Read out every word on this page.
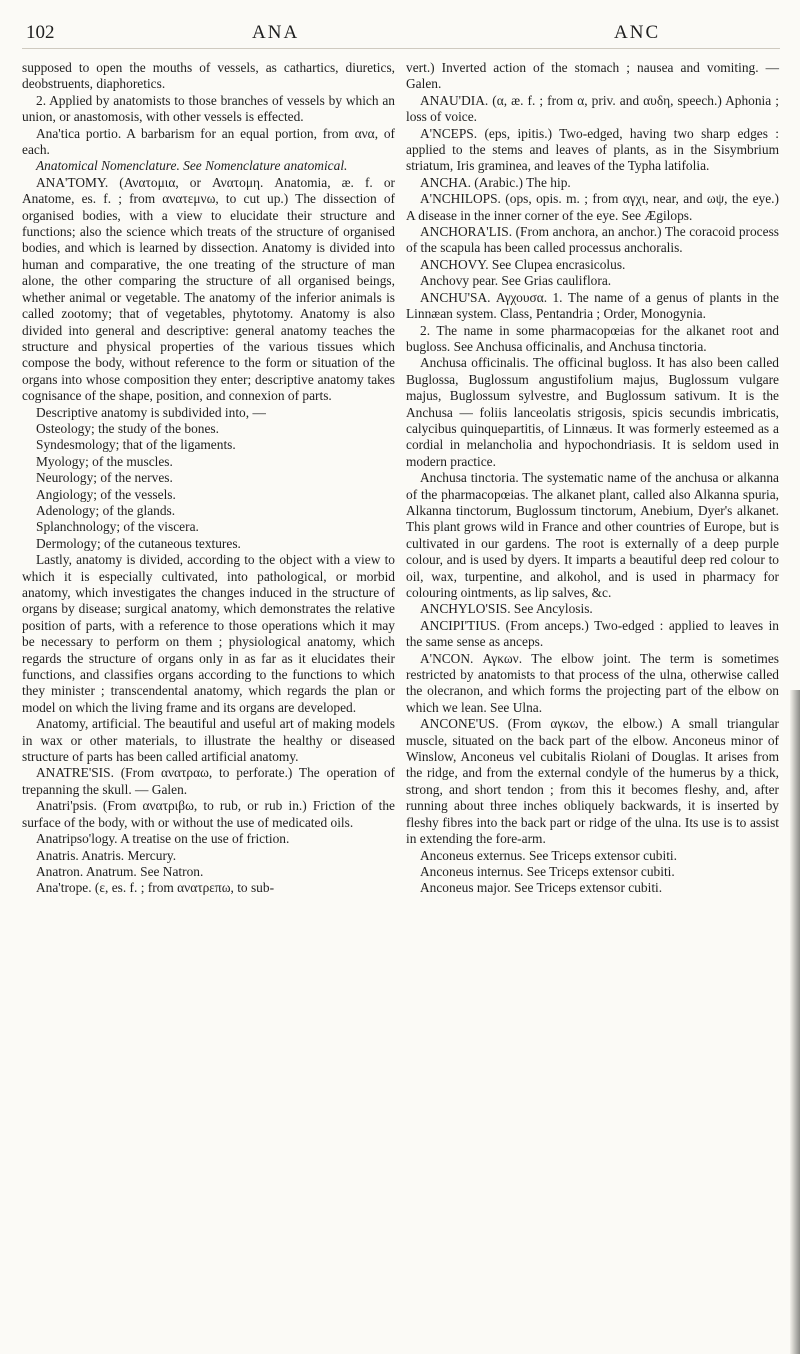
102	ANA	ANC

supposed to open the mouths of vessels, as cathartics, diuretics, deobstruents, diaphoretics.

2. Applied by anatomists to those branches of vessels by which an union, or anastomosis, with other vessels is effected.

Ana'tica portio. A barbarism for an equal portion, from ανα, of each.

Anatomical Nomenclature. See Nomenclature anatomical.

ANA'TOMY. (Ανατομια, or Ανατομη. Anatomia, æ. f. or Anatome, es. f. ; from ανατεμνω, to cut up.) The dissection of organised bodies, with a view to elucidate their structure and functions; also the science which treats of the structure of organised bodies, and which is learned by dissection. Anatomy is divided into human and comparative, the one treating of the structure of man alone, the other comparing the structure of all organised beings, whether animal or vegetable. The anatomy of the inferior animals is called zootomy; that of vegetables, phytotomy. Anatomy is also divided into general and descriptive: general anatomy teaches the structure and physical properties of the various tissues which compose the body, without reference to the form or situation of the organs into whose composition they enter; descriptive anatomy takes cognisance of the shape, position, and connexion of parts.

Descriptive anatomy is subdivided into, —

Osteology; the study of the bones.

Syndesmology; that of the ligaments.

Myology; of the muscles.

Neurology; of the nerves.

Angiology; of the vessels.

Adenology; of the glands.

Splanchnology; of the viscera.

Dermology; of the cutaneous textures.

Lastly, anatomy is divided, according to the object with a view to which it is especially cultivated, into pathological, or morbid anatomy, which investigates the changes induced in the structure of organs by disease; surgical anatomy, which demonstrates the relative position of parts, with a reference to those operations which it may be necessary to perform on them ; physiological anatomy, which regards the structure of organs only in as far as it elucidates their functions, and classifies organs according to the functions to which they minister ; transcendental anatomy, which regards the plan or model on which the living frame and its organs are developed.

Anatomy, artificial. The beautiful and useful art of making models in wax or other materials, to illustrate the healthy or diseased structure of parts has been called artificial anatomy.

ANATRE'SIS. (From ανατραω, to perforate.) The operation of trepanning the skull. — Galen.

Anatri'psis. (From ανατριβω, to rub, or rub in.) Friction of the surface of the body, with or without the use of medicated oils.

Anatripso'logy. A treatise on the use of friction.

Anatris. Anatris. Mercury.

Anatron. Anatrum. See Natron.

Ana'trope. (ε, es. f. ; from ανατρεπω, to sub-

vert.) Inverted action of the stomach ; nausea and vomiting. — Galen.

ANAU'DIA. (α, æ. f. ; from α, priv. and αυδη, speech.) Aphonia ; loss of voice.

A'NCEPS. (eps, ipitis.) Two-edged, having two sharp edges : applied to the stems and leaves of plants, as in the Sisymbrium striatum, Iris graminea, and leaves of the Typha latifolia.

ANCHA. (Arabic.) The hip.

A'NCHILOPS. (ops, opis. m. ; from αγχι, near, and ωψ, the eye.) A disease in the inner corner of the eye. See Ægilops.

ANCHORA'LIS. (From anchora, an anchor.) The coracoid process of the scapula has been called processus anchoralis.

ANCHOVY. See Clupea encrasicolus.

Anchovy pear. See Grias cauliflora.

ANCHU'SA. Αγχουσα. 1. The name of a genus of plants in the Linnæan system. Class, Pentandria ; Order, Monogynia.

2. The name in some pharmacopœias for the alkanet root and bugloss. See Anchusa officinalis, and Anchusa tinctoria.

Anchusa officinalis. The officinal bugloss. It has also been called Buglossa, Buglossum angustifolium majus, Buglossum vulgare majus, Buglossum sylvestre, and Buglossum sativum. It is the Anchusa — foliis lanceolatis strigosis, spicis secundis imbricatis, calycibus quinquepartitis, of Linnæus. It was formerly esteemed as a cordial in melancholia and hypochondriasis. It is seldom used in modern practice.

Anchusa tinctoria. The systematic name of the anchusa or alkanna of the pharmacopœias. The alkanet plant, called also Alkanna spuria, Alkanna tinctorum, Buglossum tinctorum, Anebium, Dyer's alkanet. This plant grows wild in France and other countries of Europe, but is cultivated in our gardens. The root is externally of a deep purple colour, and is used by dyers. It imparts a beautiful deep red colour to oil, wax, turpentine, and alkohol, and is used in pharmacy for colouring ointments, as lip salves, &c.

ANCHYLO'SIS. See Ancylosis.

ANCIPI'TIUS. (From anceps.) Two-edged : applied to leaves in the same sense as anceps.

A'NCON. Αγκων. The elbow joint. The term is sometimes restricted by anatomists to that process of the ulna, otherwise called the olecranon, and which forms the projecting part of the elbow on which we lean. See Ulna.

ANCONE'US. (From αγκων, the elbow.) A small triangular muscle, situated on the back part of the elbow. Anconeus minor of Winslow, Anconeus vel cubitalis Riolani of Douglas. It arises from the ridge, and from the external condyle of the humerus by a thick, strong, and short tendon ; from this it becomes fleshy, and, after running about three inches obliquely backwards, it is inserted by fleshy fibres into the back part or ridge of the ulna. Its use is to assist in extending the fore-arm.

Anconeus externus. See Triceps extensor cubiti.

Anconeus internus. See Triceps extensor cubiti.

Anconeus major. See Triceps extensor cubiti.
